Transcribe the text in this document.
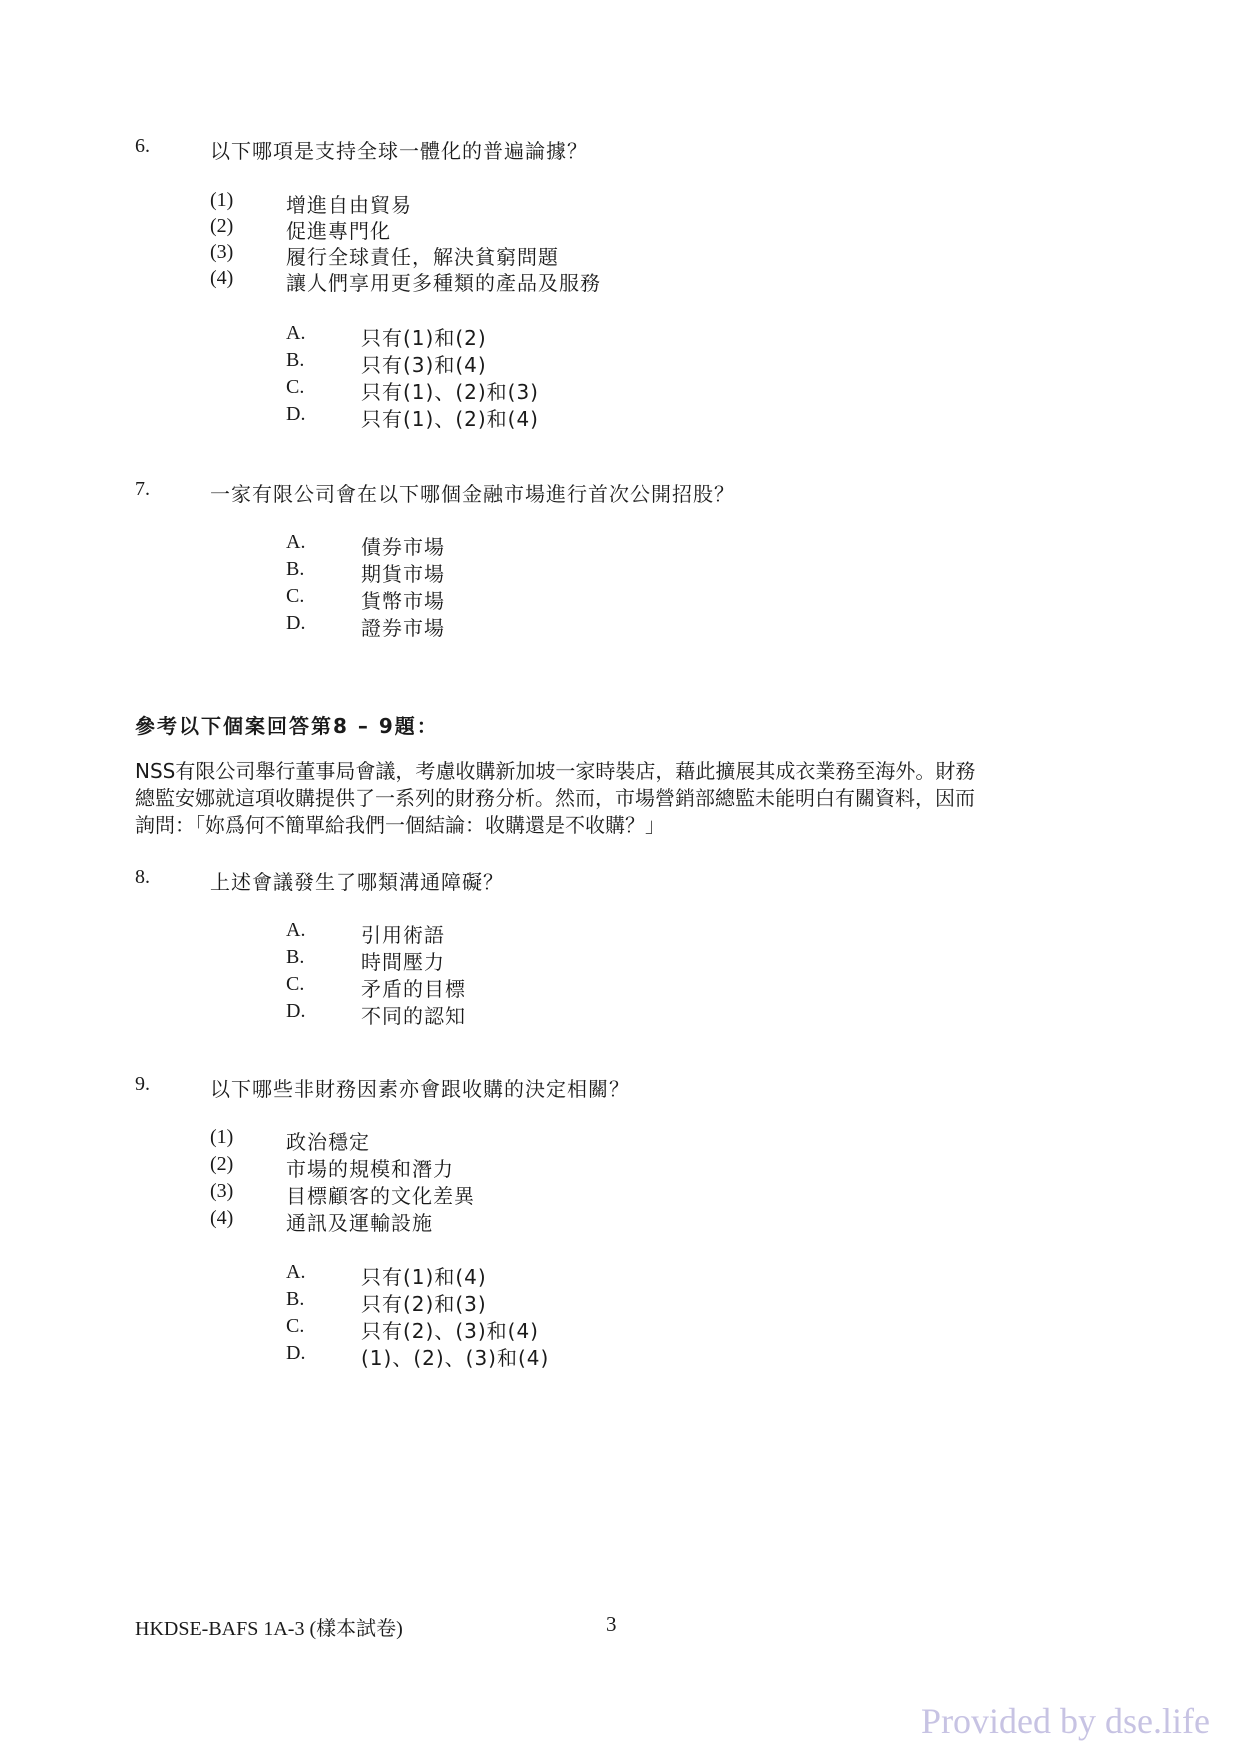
6.	以下哪項是支持全球一體化的普遍論據？
(1)	增進自由貿易
(2)	促進專門化
(3)	履行全球責任，解決貧窮問題
(4)	讓人們享用更多種類的產品及服務
A.	只有(1)和(2)
B.	只有(3)和(4)
C.	只有(1)、(2)和(3)
D.	只有(1)、(2)和(4)
7.	一家有限公司會在以下哪個金融市場進行首次公開招股？
A.	債券市場
B.	期貨市場
C.	貨幣市場
D.	證券市場
參考以下個案回答第8 – 9題：
NSS有限公司舉行董事局會議，考慮收購新加坡一家時裝店，藉此擴展其成衣業務至海外。財務
總監安娜就這項收購提供了一系列的財務分析。然而，市場營銷部總監未能明白有關資料，因而
詢問：「妳爲何不簡單給我們一個結論：收購還是不收購？」
8.	上述會議發生了哪類溝通障礙？
A.	引用術語
B.	時間壓力
C.	矛盾的目標
D.	不同的認知
9.	以下哪些非財務因素亦會跟收購的決定相關？
(1)	政治穩定
(2)	市場的規模和潛力
(3)	目標顧客的文化差異
(4)	通訊及運輸設施
A.	只有(1)和(4)
B.	只有(2)和(3)
C.	只有(2)、(3)和(4)
D.	(1)、(2)、(3)和(4)
HKDSE-BAFS 1A-3 (樣本試卷)	3
Provided by dse.life
